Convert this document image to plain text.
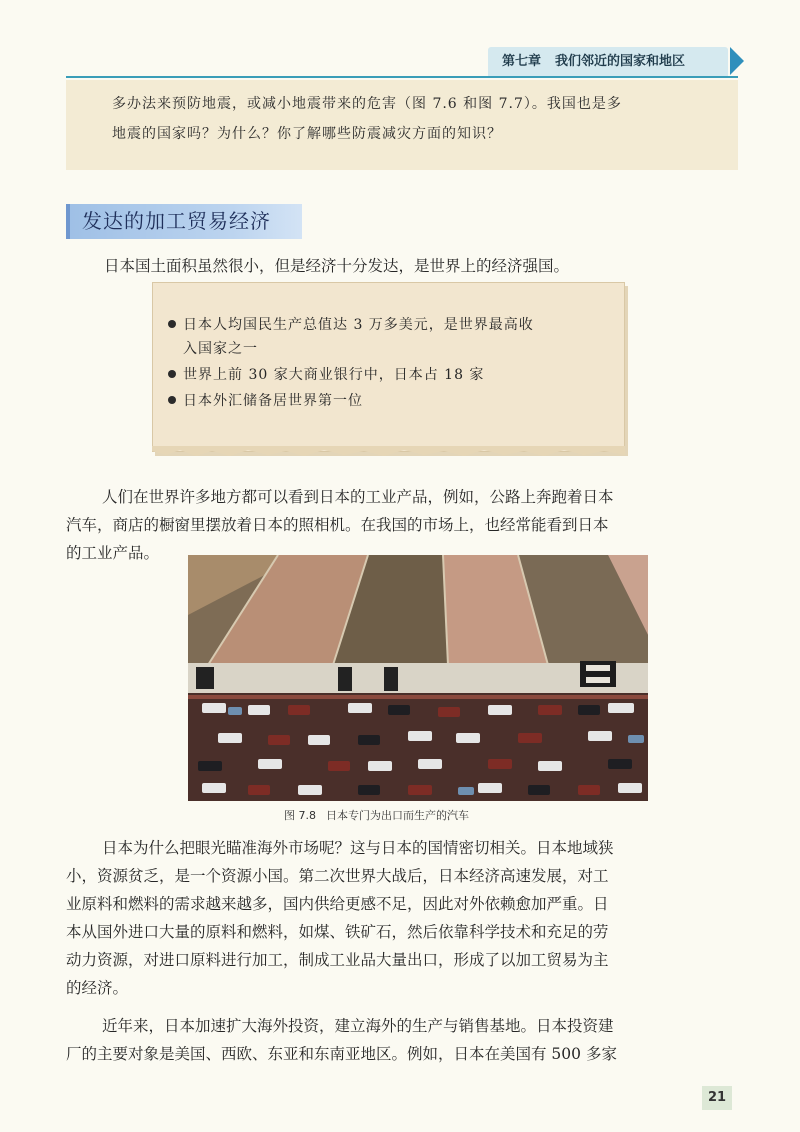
第七章 我们邻近的国家和地区
多办法来预防地震，或减小地震带来的危害（图 7.6 和图 7.7）。我国也是多
地震的国家吗？为什么？你了解哪些防震减灾方面的知识？
发达的加工贸易经济
日本国土面积虽然很小，但是经济十分发达，是世界上的经济强国。
日本人均国民生产总值达 3 万多美元，是世界最高收
入国家之一
世界上前 30 家大商业银行中，日本占 18 家
日本外汇储备居世界第一位
人们在世界许多地方都可以看到日本的工业产品，例如，公路上奔跑着日本
汽车，商店的橱窗里摆放着日本的照相机。在我国的市场上，也经常能看到日本
的工业产品。
图 7.8 日本专门为出口而生产的汽车
日本为什么把眼光瞄准海外市场呢？这与日本的国情密切相关。日本地域狭
小，资源贫乏，是一个资源小国。第二次世界大战后，日本经济高速发展，对工
业原料和燃料的需求越来越多，国内供给更感不足，因此对外依赖愈加严重。日
本从国外进口大量的原料和燃料，如煤、铁矿石，然后依靠科学技术和充足的劳
动力资源，对进口原料进行加工，制成工业品大量出口，形成了以加工贸易为主
的经济。
近年来，日本加速扩大海外投资，建立海外的生产与销售基地。日本投资建
厂的主要对象是美国、西欧、东亚和东南亚地区。例如，日本在美国有 500 多家
21
